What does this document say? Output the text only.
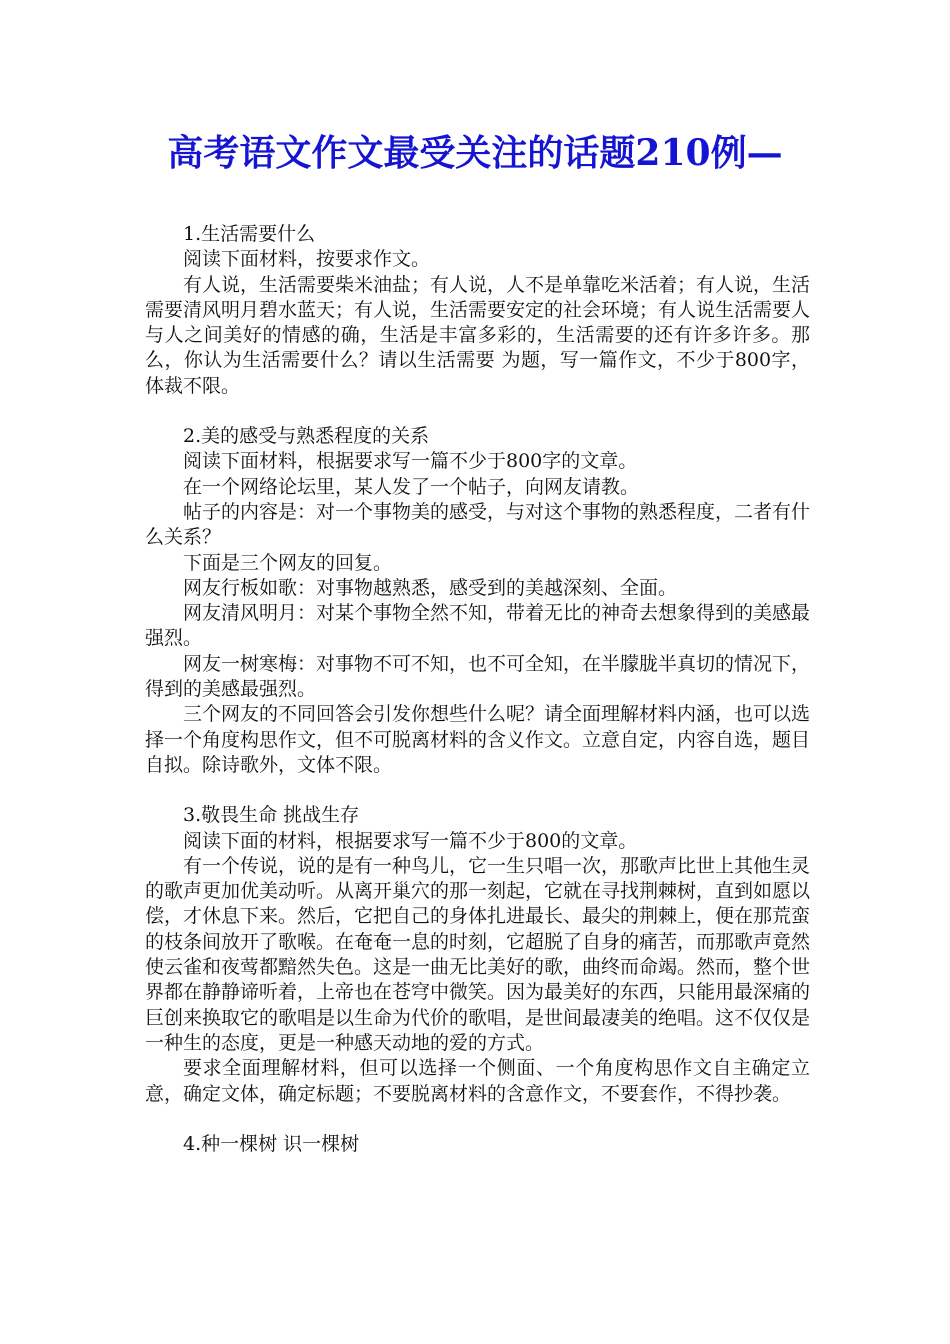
高考语文作文最受关注的话题210例—

1.生活需要什么

阅读下面材料，按要求作文。

有人说，生活需要柴米油盐；有人说，人不是单靠吃米活着；有人说，生活需要清风明月碧水蓝天；有人说，生活需要安定的社会环境；有人说生活需要人与人之间美好的情感的确，生活是丰富多彩的，生活需要的还有许多许多。那么，你认为生活需要什么？请以生活需要 为题，写一篇作文，不少于800字，体裁不限。

2.美的感受与熟悉程度的关系

阅读下面材料，根据要求写一篇不少于800字的文章。

在一个网络论坛里，某人发了一个帖子，向网友请教。

帖子的内容是：对一个事物美的感受，与对这个事物的熟悉程度，二者有什么关系？

下面是三个网友的回复。

网友行板如歌：对事物越熟悉，感受到的美越深刻、全面。

网友清风明月：对某个事物全然不知，带着无比的神奇去想象得到的美感最强烈。

网友一树寒梅：对事物不可不知，也不可全知，在半朦胧半真切的情况下，得到的美感最强烈。

三个网友的不同回答会引发你想些什么呢？请全面理解材料内涵，也可以选择一个角度构思作文，但不可脱离材料的含义作文。立意自定，内容自选，题目自拟。除诗歌外，文体不限。

3.敬畏生命 挑战生存

阅读下面的材料，根据要求写一篇不少于800的文章。

有一个传说，说的是有一种鸟儿，它一生只唱一次，那歌声比世上其他生灵的歌声更加优美动听。从离开巢穴的那一刻起，它就在寻找荆棘树，直到如愿以偿，才休息下来。然后，它把自己的身体扎进最长、最尖的荆棘上，便在那荒蛮的枝条间放开了歌喉。在奄奄一息的时刻，它超脱了自身的痛苦，而那歌声竟然使云雀和夜莺都黯然失色。这是一曲无比美好的歌，曲终而命竭。然而，整个世界都在静静谛听着，上帝也在苍穹中微笑。因为最美好的东西，只能用最深痛的巨创来换取它的歌唱是以生命为代价的歌唱，是世间最凄美的绝唱。这不仅仅是一种生的态度，更是一种感天动地的爱的方式。

要求全面理解材料，但可以选择一个侧面、一个角度构思作文自主确定立意，确定文体，确定标题；不要脱离材料的含意作文，不要套作，不得抄袭。

4.种一棵树 识一棵树
